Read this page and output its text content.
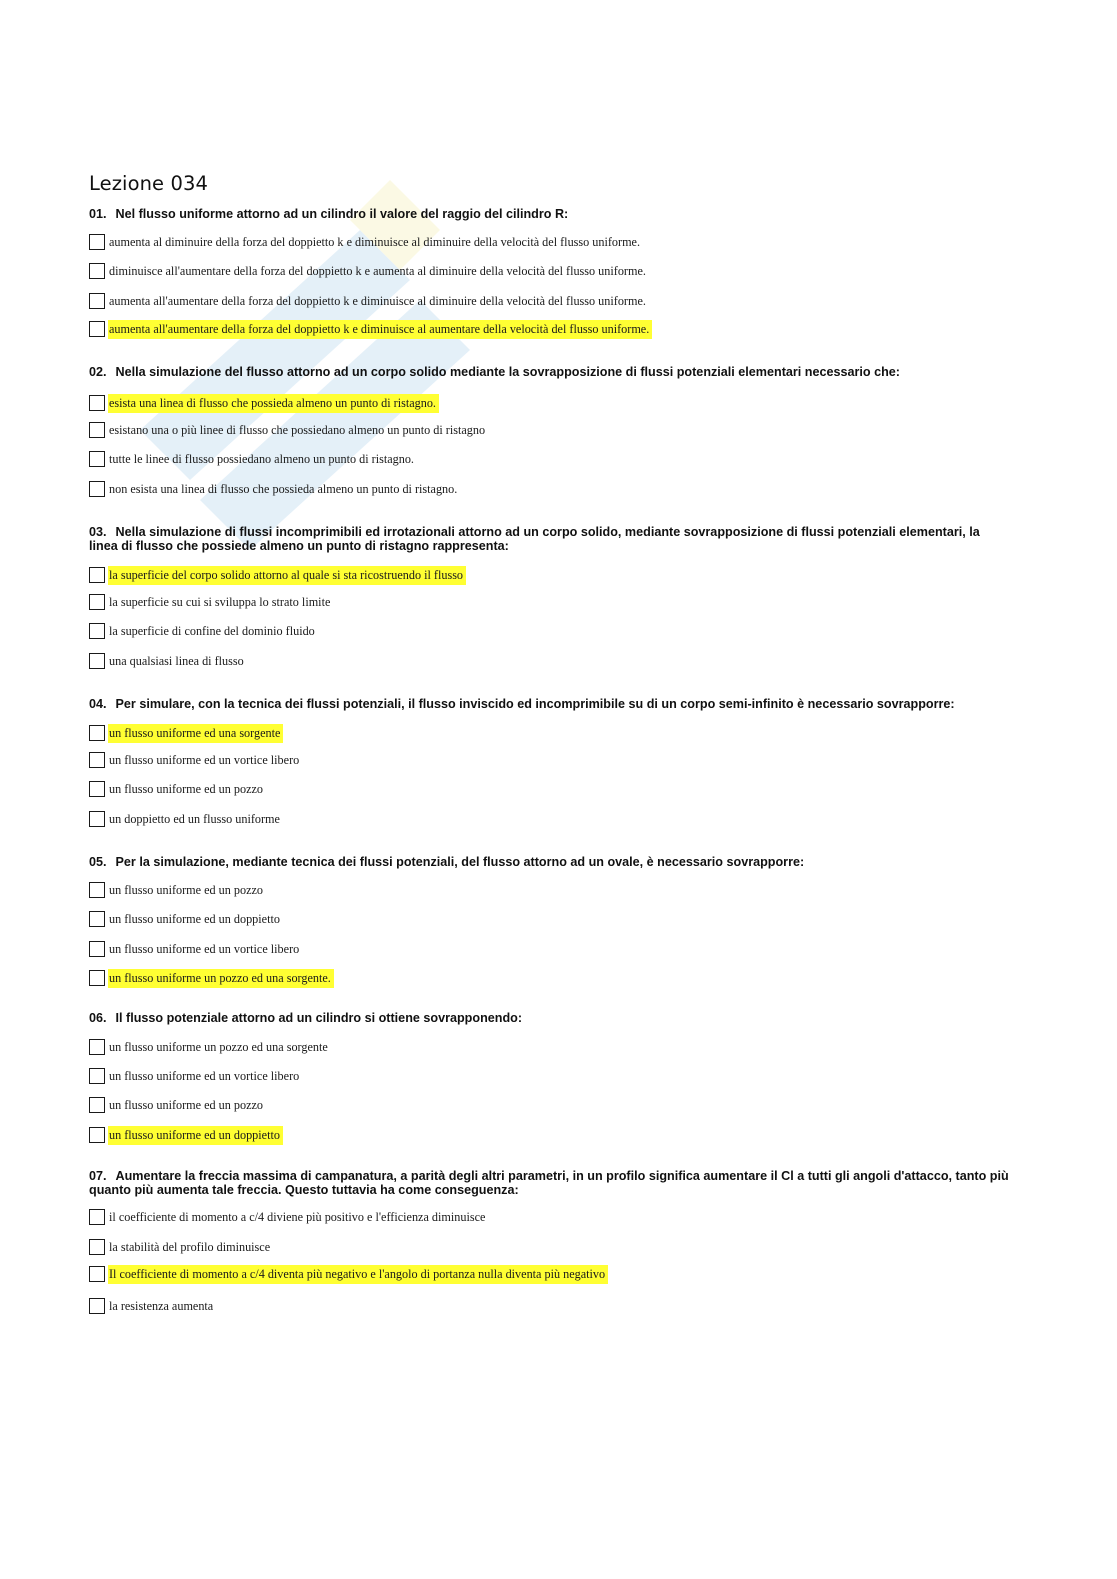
Lezione 034
01. Nel flusso uniforme attorno ad un cilindro il valore del raggio del cilindro R:
aumenta al diminuire della forza del doppietto k e diminuisce al diminuire della velocità del flusso uniforme.
diminuisce all'aumentare della forza del doppietto k e aumenta al diminuire della velocità del flusso uniforme.
aumenta all'aumentare della forza del doppietto k e diminuisce al diminuire della velocità del flusso uniforme.
aumenta all'aumentare della forza del doppietto k e diminuisce al aumentare della velocità del flusso uniforme.
02. Nella simulazione del flusso attorno ad un corpo solido mediante la sovrapposizione di flussi potenziali elementari necessario che:
esista una linea di flusso che possieda almeno un punto di ristagno.
esistano una o più linee di flusso che possiedano almeno un punto di ristagno
tutte le linee di flusso possiedano almeno un punto di ristagno.
non esista una linea di flusso che possieda almeno un punto di ristagno.
03. Nella simulazione di flussi incomprimibili ed irrotazionali attorno ad un corpo solido, mediante sovrapposizione di flussi potenziali elementari, la linea di flusso che possiede almeno un punto di ristagno rappresenta:
la superficie del corpo solido attorno al quale si sta ricostruendo il flusso
la superficie su cui si sviluppa lo strato limite
la superficie di confine del dominio fluido
una qualsiasi linea di flusso
04. Per simulare, con la tecnica dei flussi potenziali, il flusso inviscido ed incomprimibile su di un corpo semi-infinito è necessario sovrapporre:
un flusso uniforme ed una sorgente
un flusso uniforme ed un vortice libero
un flusso uniforme ed un pozzo
un doppietto ed un flusso uniforme
05. Per la simulazione, mediante tecnica dei flussi potenziali, del flusso attorno ad un ovale, è necessario sovrapporre:
un flusso uniforme ed un pozzo
un flusso uniforme ed un doppietto
un flusso uniforme ed un vortice libero
un flusso uniforme un pozzo ed una sorgente.
06. Il flusso potenziale attorno ad un cilindro si ottiene sovrapponendo:
un flusso uniforme un pozzo ed una sorgente
un flusso uniforme ed un vortice libero
un flusso uniforme ed un pozzo
un flusso uniforme ed un doppietto
07. Aumentare la freccia massima di campanatura, a parità degli altri parametri, in un profilo significa aumentare il Cl a tutti gli angoli d'attacco, tanto più quanto più aumenta tale freccia. Questo tuttavia ha come conseguenza:
il coefficiente di momento a c/4 diviene più positivo e l'efficienza diminuisce
la stabilità del profilo diminuisce
Il coefficiente di momento a c/4 diventa più negativo e l'angolo di portanza nulla diventa più negativo
la resistenza aumenta
